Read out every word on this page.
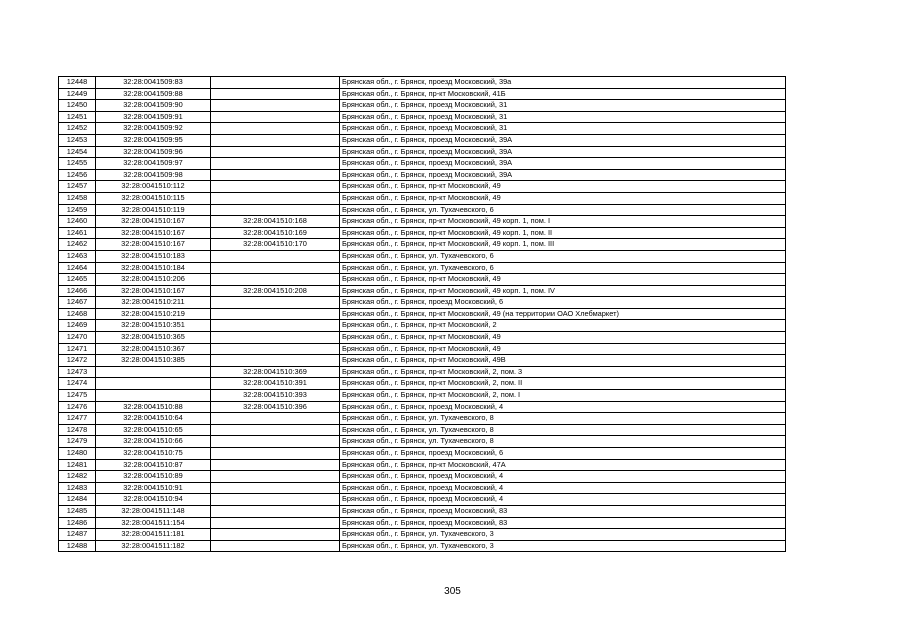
12448	32:28:0041509:83		Брянская обл., г. Брянск, проезд Московский, 39а
12449	32:28:0041509:88		Брянская обл., г. Брянск, пр-кт Московский, 41Б
12450	32:28:0041509:90		Брянская обл., г. Брянск, проезд Московский, 31
12451	32:28:0041509:91		Брянская обл., г. Брянск, проезд Московский, 31
12452	32:28:0041509:92		Брянская обл., г. Брянск, проезд Московский, 31
12453	32:28:0041509:95		Брянская обл., г. Брянск, проезд Московский, 39А
12454	32:28:0041509:96		Брянская обл., г. Брянск, проезд Московский, 39А
12455	32:28:0041509:97		Брянская обл., г. Брянск, проезд Московский, 39А
12456	32:28:0041509:98		Брянская обл., г. Брянск, проезд Московский, 39А
12457	32:28:0041510:112		Брянская обл., г. Брянск, пр-кт Московский, 49
12458	32:28:0041510:115		Брянская обл., г. Брянск, пр-кт Московский, 49
12459	32:28:0041510:119		Брянская обл., г. Брянск, ул. Тухачевского, 6
12460	32:28:0041510:167	32:28:0041510:168	Брянская обл., г. Брянск, пр-кт Московский, 49 корп. 1, пом. I
12461	32:28:0041510:167	32:28:0041510:169	Брянская обл., г. Брянск, пр-кт Московский, 49 корп. 1, пом. II
12462	32:28:0041510:167	32:28:0041510:170	Брянская обл., г. Брянск, пр-кт Московский, 49 корп. 1, пом. III
12463	32:28:0041510:183		Брянская обл., г. Брянск, ул. Тухачевского, 6
12464	32:28:0041510:184		Брянская обл., г. Брянск, ул. Тухачевского, 6
12465	32:28:0041510:206		Брянская обл., г. Брянск, пр-кт Московский, 49
12466	32:28:0041510:167	32:28:0041510:208	Брянская обл., г. Брянск, пр-кт Московский, 49 корп. 1, пом. IV
12467	32:28:0041510:211		Брянская обл., г. Брянск, проезд Московский, 6
12468	32:28:0041510:219		Брянская обл., г. Брянск, пр-кт Московский, 49 (на территории ОАО Хлебмаркет)
12469	32:28:0041510:351		Брянская обл., г. Брянск, пр-кт Московский, 2
12470	32:28:0041510:365		Брянская обл., г. Брянск, пр-кт Московский, 49
12471	32:28:0041510:367		Брянская обл., г. Брянск, пр-кт Московский, 49
12472	32:28:0041510:385		Брянская обл., г. Брянск, пр-кт Московский, 49В
12473		32:28:0041510:369	Брянская обл., г. Брянск, пр-кт Московский, 2, пом. 3
12474		32:28:0041510:391	Брянская обл., г. Брянск, пр-кт Московский, 2, пом. II
12475		32:28:0041510:393	Брянская обл., г. Брянск, пр-кт Московский, 2, пом. I
12476	32:28:0041510:88	32:28:0041510:396	Брянская обл., г. Брянск, проезд Московский, 4
12477	32:28:0041510:64		Брянская обл., г. Брянск, ул. Тухачевского, 8
12478	32:28:0041510:65		Брянская обл., г. Брянск, ул. Тухачевского, 8
12479	32:28:0041510:66		Брянская обл., г. Брянск, ул. Тухачевского, 8
12480	32:28:0041510:75		Брянская обл., г. Брянск, проезд Московский, 6
12481	32:28:0041510:87		Брянская обл., г. Брянск, пр-кт Московский, 47А
12482	32:28:0041510:89		Брянская обл., г. Брянск, проезд Московский, 4
12483	32:28:0041510:91		Брянская обл., г. Брянск, проезд Московский, 4
12484	32:28:0041510:94		Брянская обл., г. Брянск, проезд Московский, 4
12485	32:28:0041511:148		Брянская обл., г. Брянск, проезд Московский, 83
12486	32:28:0041511:154		Брянская обл., г. Брянск, проезд Московский, 83
12487	32:28:0041511:181		Брянская обл., г. Брянск, ул. Тухачевского, 3
12488	32:28:0041511:182		Брянская обл., г. Брянск, ул. Тухачевского, 3
305
